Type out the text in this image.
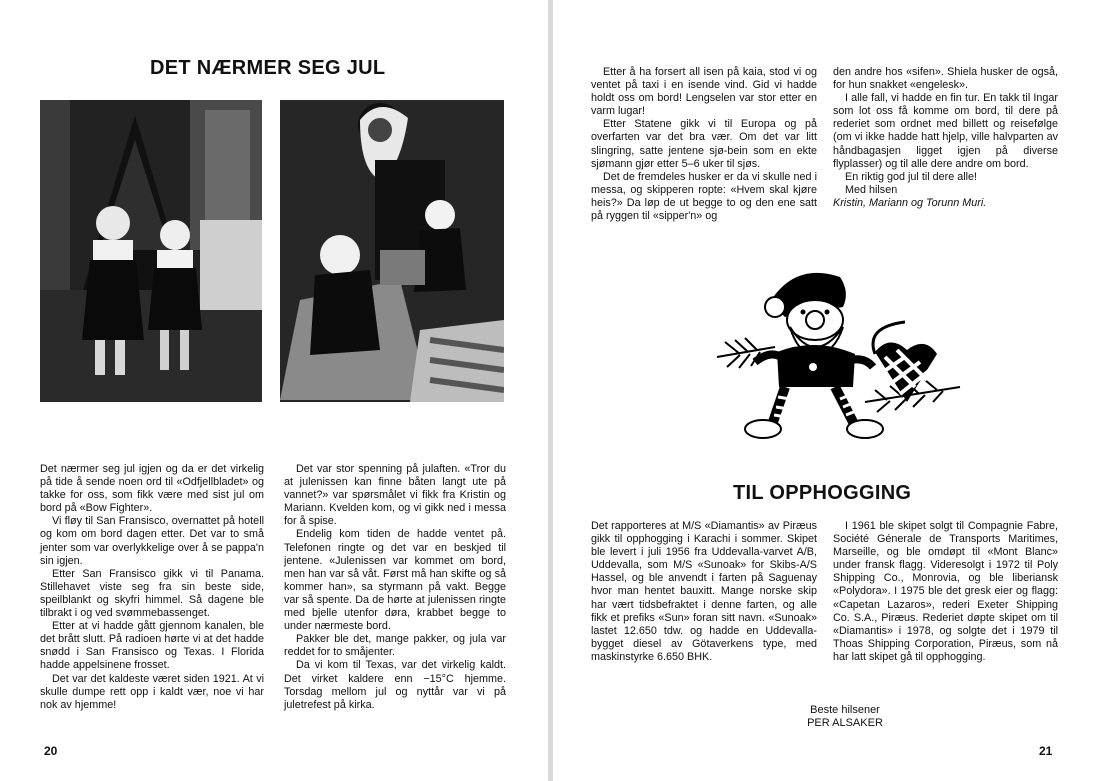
DET NÆRMER SEG JUL

Det nærmer seg jul igjen og da er det virkelig på tide å sende noen ord til «Odfjellbladet» og takke for oss, som fikk være med sist jul om bord på «Bow Fighter».

Vi fløy til San Fransisco, overnattet på hotell og kom om bord dagen etter. Det var to små jenter som var overlykkelige over å se pappa'n sin igjen.

Etter San Fransisco gikk vi til Panama. Stillehavet viste seg fra sin beste side, speilblankt og skyfri himmel. Så dagene ble tilbrakt i og ved svømmebassenget.

Etter at vi hadde gått gjennom kanalen, ble det brått slutt. På radioen hørte vi at det hadde snødd i San Fransisco og Texas. I Florida hadde appelsinene frosset.

Det var det kaldeste været siden 1921. At vi skulle dumpe rett opp i kaldt vær, noe vi har nok av hjemme!

Det var stor spenning på julaften. «Tror du at julenissen kan finne båten langt ute på vannet?» var spørsmålet vi fikk fra Kristin og Mariann. Kvelden kom, og vi gikk ned i messa for å spise.

Endelig kom tiden de hadde ventet på. Telefonen ringte og det var en beskjed til jentene. «Julenissen var kommet om bord, men han var så våt. Først må han skifte og så kommer han», sa styrmann på vakt. Begge var så spente. Da de hørte at julenissen ringte med bjelle utenfor døra, krabbet begge to under nærmeste bord.

Pakker ble det, mange pakker, og jula var reddet for to småjenter.

Da vi kom til Texas, var det virkelig kaldt. Det virket kaldere enn −15°C hjemme. Torsdag mellom jul og nyttår var vi på juletrefest på kirka.

20

Etter å ha forsert all isen på kaia, stod vi og ventet på taxi i en isende vind. Gid vi hadde holdt oss om bord! Lengselen var stor etter en varm lugar!

Etter Statene gikk vi til Europa og på overfarten var det bra vær. Om det var litt slingring, satte jentene sjø-bein som en ekte sjømann gjør etter 5–6 uker til sjøs.

Det de fremdeles husker er da vi skulle ned i messa, og skipperen ropte: «Hvem skal kjøre heis?» Da løp de ut begge to og den ene satt på ryggen til «sipper'n» og

den andre hos «sifen». Shiela husker de også, for hun snakket «engelesk».

I alle fall, vi hadde en fin tur. En takk til Ingar som lot oss få komme om bord, til dere på rederiet som ordnet med billett og reisefølge (om vi ikke hadde hatt hjelp, ville halvparten av håndbagasjen ligget igjen på diverse flyplasser) og til alle dere andre om bord.

En riktig god jul til dere alle!

Med hilsen

Kristin, Mariann og Torunn Muri.

TIL OPPHOGGING

Det rapporteres at M/S «Diamantis» av Piræus gikk til opphogging i Karachi i sommer. Skipet ble levert i juli 1956 fra Uddevalla-varvet A/B, Uddevalla, som M/S «Sunoak» for Skibs-A/S Hassel, og ble anvendt i farten på Saguenay hvor man hentet bauxitt. Mange norske skip har vært tidsbefraktet i denne farten, og alle fikk et prefiks «Sun» foran sitt navn. «Sunoak» lastet 12.650 tdw. og hadde en Uddevalla-bygget diesel av Götaverkens type, med maskinstyrke 6.650 BHK.

I 1961 ble skipet solgt til Compagnie Fabre, Société Génerale de Transports Maritimes, Marseille, og ble omdøpt til «Mont Blanc» under fransk flagg. Videresolgt i 1972 til Poly Shipping Co., Monrovia, og ble liberiansk «Polydora». I 1975 ble det gresk eier og flagg: «Capetan Lazaros», rederi Exeter Shipping Co. S.A., Piræus. Rederiet døpte skipet om til «Diamantis» i 1978, og solgte det i 1979 til Thoas Shipping Corporation, Piræus, som nå har latt skipet gå til opphogging.

Beste hilsener
PER ALSAKER
21
